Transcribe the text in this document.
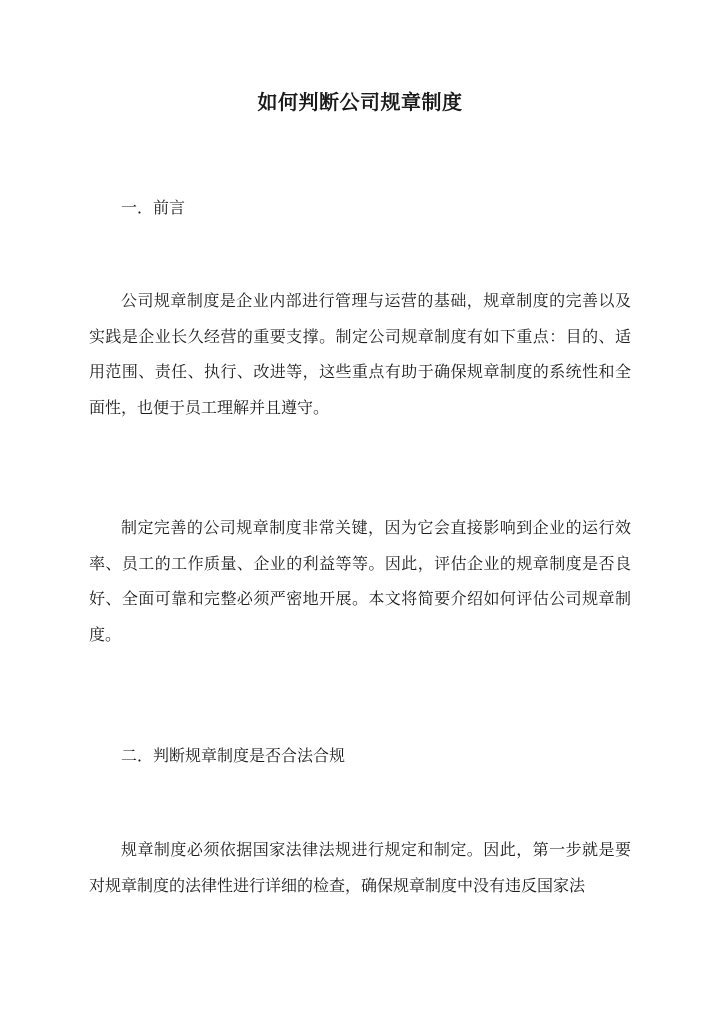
如何判断公司规章制度
一．前言

公司规章制度是企业内部进行管理与运营的基础，规章制度的完善以及实践是企业长久经营的重要支撑。制定公司规章制度有如下重点：目的、适用范围、责任、执行、改进等，这些重点有助于确保规章制度的系统性和全面性，也便于员工理解并且遵守。

制定完善的公司规章制度非常关键，因为它会直接影响到企业的运行效率、员工的工作质量、企业的利益等等。因此，评估企业的规章制度是否良好、全面可靠和完整必须严密地开展。本文将简要介绍如何评估公司规章制度。

二．判断规章制度是否合法合规

规章制度必须依据国家法律法规进行规定和制定。因此，第一步就是要对规章制度的法律性进行详细的检查，确保规章制度中没有违反国家法
